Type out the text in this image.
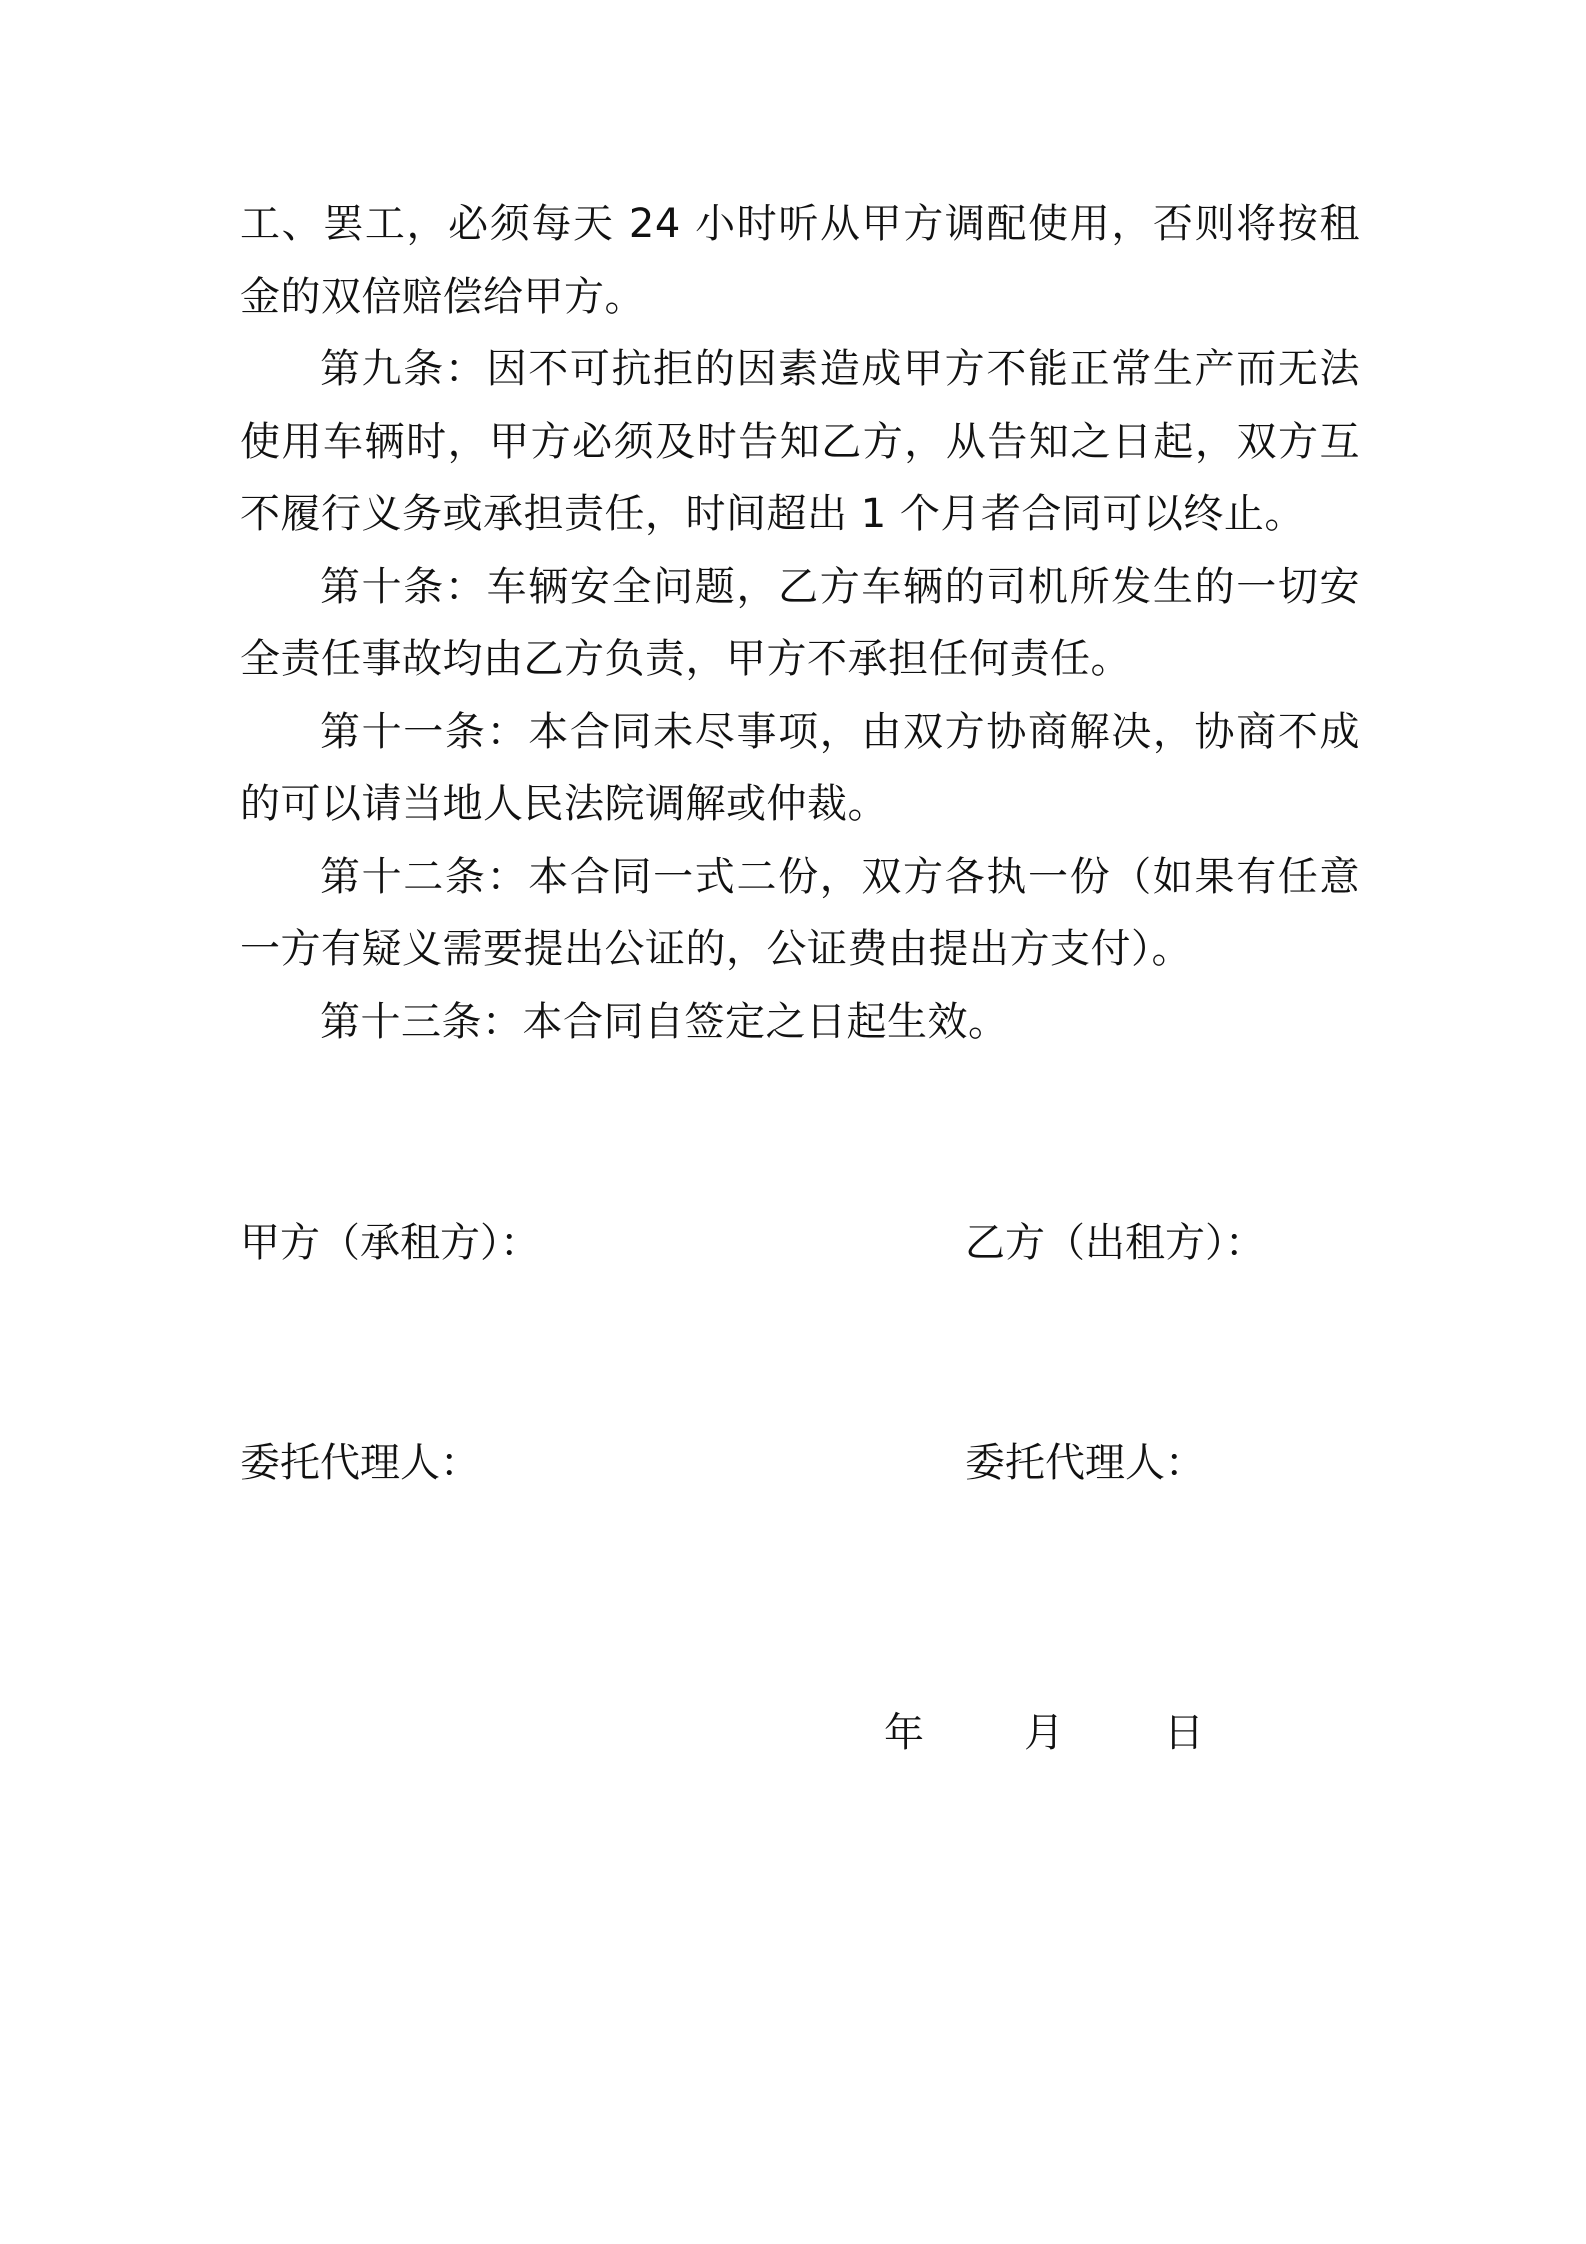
工、罢工，必须每天 24 小时听从甲方调配使用，否则将按租金的双倍赔偿给甲方。

第九条：因不可抗拒的因素造成甲方不能正常生产而无法使用车辆时，甲方必须及时告知乙方，从告知之日起，双方互不履行义务或承担责任，时间超出 1 个月者合同可以终止。

第十条：车辆安全问题，乙方车辆的司机所发生的一切安全责任事故均由乙方负责，甲方不承担任何责任。

第十一条：本合同未尽事项，由双方协商解决，协商不成的可以请当地人民法院调解或仲裁。

第十二条：本合同一式二份，双方各执一份（如果有任意一方有疑义需要提出公证的，公证费由提出方支付）。

第十三条：本合同自签定之日起生效。

甲方（承租方）：	乙方（出租方）：
委托代理人：	委托代理人：
年	月	日
